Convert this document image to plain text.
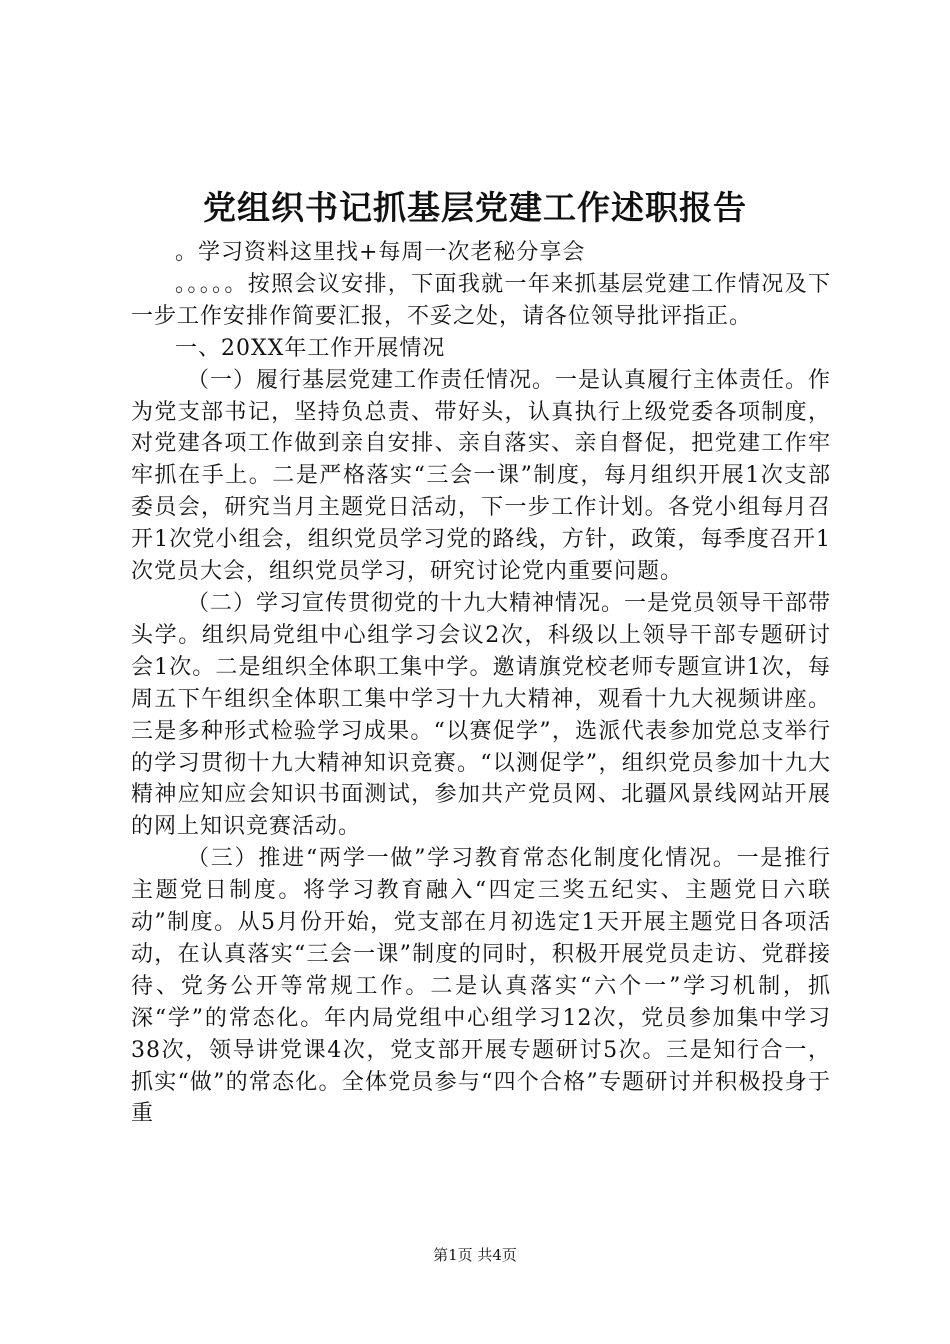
党组织书记抓基层党建工作述职报告

。学习资料这里找+每周一次老秘分享会

。。。。。按照会议安排，下面我就一年来抓基层党建工作情况及下一步工作安排作简要汇报，不妥之处，请各位领导批评指正。

一、20XX年工作开展情况

（一）履行基层党建工作责任情况。一是认真履行主体责任。作为党支部书记，坚持负总责、带好头，认真执行上级党委各项制度，对党建各项工作做到亲自安排、亲自落实、亲自督促，把党建工作牢牢抓在手上。二是严格落实“三会一课”制度，每月组织开展1次支部委员会，研究当月主题党日活动，下一步工作计划。各党小组每月召开1次党小组会，组织党员学习党的路线，方针，政策，每季度召开1次党员大会，组织党员学习，研究讨论党内重要问题。

（二）学习宣传贯彻党的十九大精神情况。一是党员领导干部带头学。组织局党组中心组学习会议2次，科级以上领导干部专题研讨会1次。二是组织全体职工集中学。邀请旗党校老师专题宣讲1次，每周五下午组织全体职工集中学习十九大精神，观看十九大视频讲座。三是多种形式检验学习成果。“以赛促学”，选派代表参加党总支举行的学习贯彻十九大精神知识竞赛。“以测促学”，组织党员参加十九大精神应知应会知识书面测试，参加共产党员网、北疆风景线网站开展的网上知识竞赛活动。

（三）推进“两学一做”学习教育常态化制度化情况。一是推行主题党日制度。将学习教育融入“四定三奖五纪实、主题党日六联动”制度。从5月份开始，党支部在月初选定1天开展主题党日各项活动，在认真落实“三会一课”制度的同时，积极开展党员走访、党群接待、党务公开等常规工作。二是认真落实“六个一”学习机制，抓深“学”的常态化。年内局党组中心组学习12次，党员参加集中学习38次，领导讲党课4次，党支部开展专题研讨5次。三是知行合一，抓实“做”的常态化。全体党员参与“四个合格”专题研讨并积极投身于重

第1页 共4页
